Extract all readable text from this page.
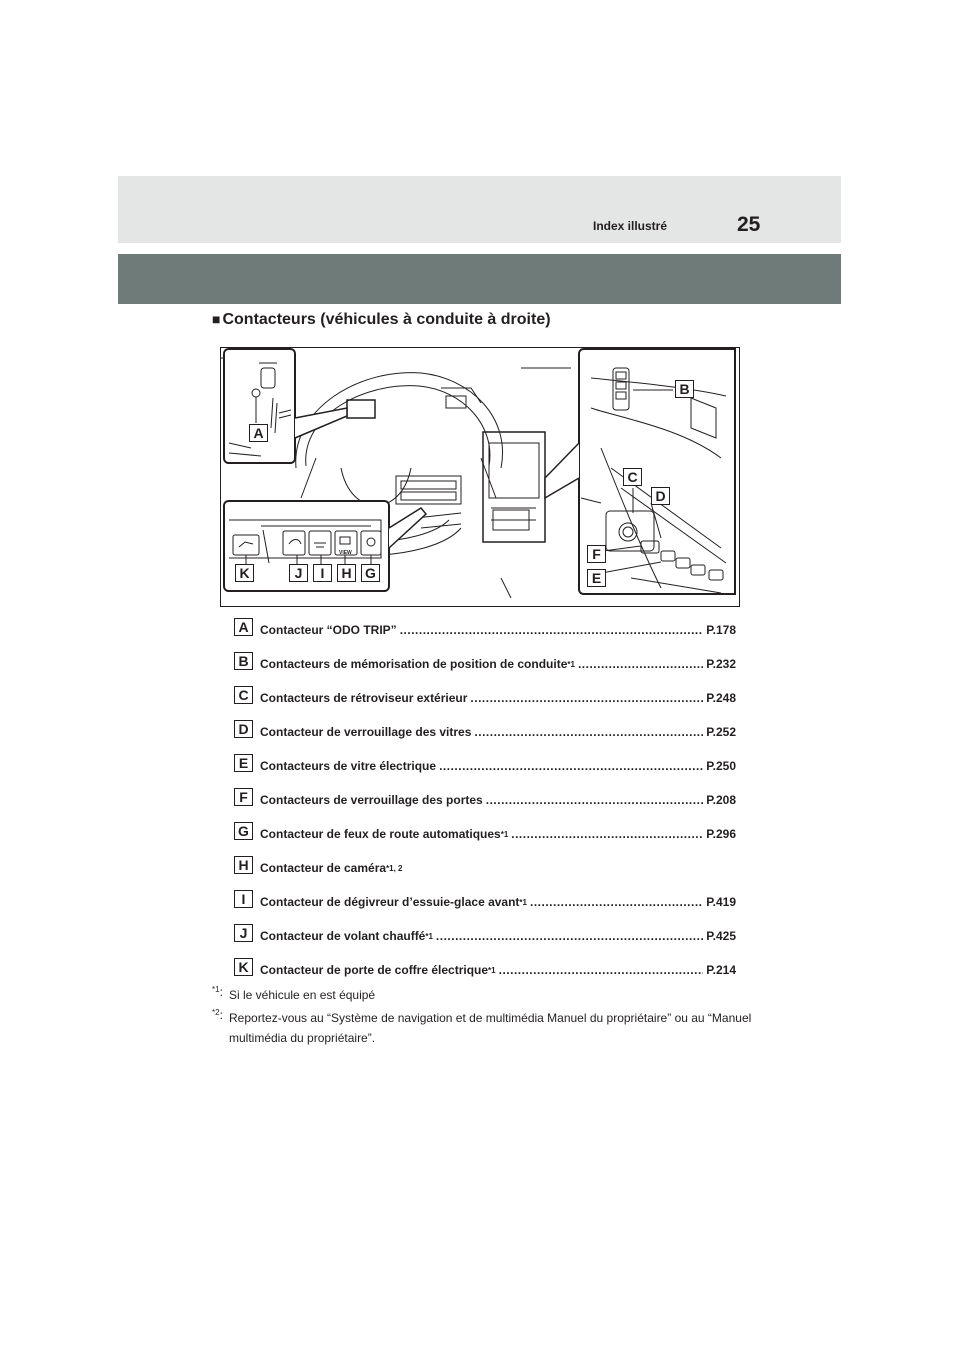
Index illustré	25
■ Contacteurs (véhicules à conduite à droite)
VIEW
A
B
C
D
E
F
K	J	I	H G
A Contacteur “ODO TRIP” .....	P.178
B Contacteurs de mémorisation de position de conduite$^{*1}$ .....	P.232
C Contacteurs de rétroviseur extérieur .....	P.248
D Contacteur de verrouillage des vitres .....	P.252
E Contacteurs de vitre électrique .....	P.250
F	Contacteurs de verrouillage des portes .....	P.208
G Contacteur de feux de route automatiques$^{*1}$ .....	P.296
H Contacteur de caméra$^{*1, 2}$
I	Contacteur de dégivreur d’essuie-glace avant$^{*1}$ .....	P.419
J	Contacteur de volant chauffé$^{*1}$ .....	P.425
K Contacteur de porte de coffre électrique$^{*1}$ .....	P.214
$^{*1}$: Si le véhicule en est équipé
$^{*2}$: Reportez-vous au “Système de navigation et de multimédia Manuel du propriétaire” ou au “Manuel multimédia du propriétaire”.
